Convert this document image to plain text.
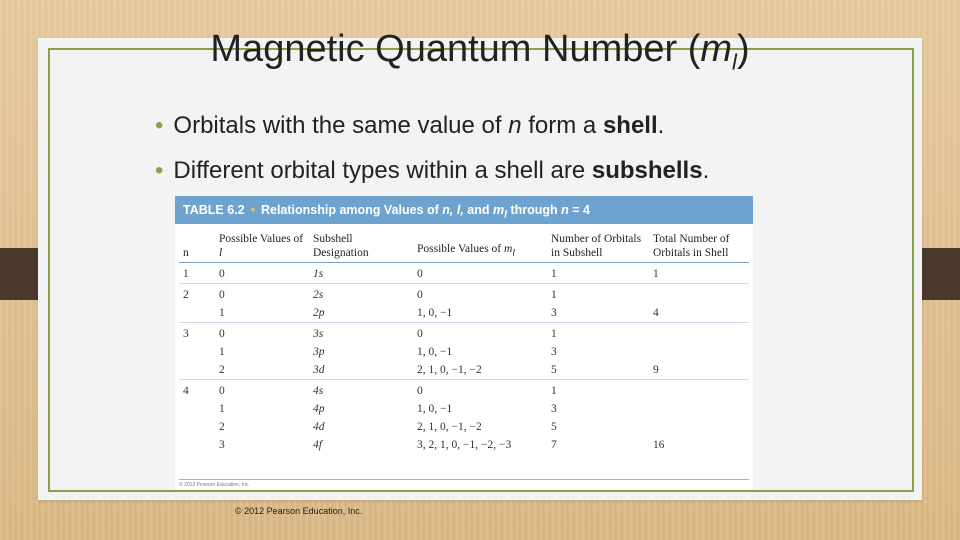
Magnetic Quantum Number $(m_l)$
• Orbitals with the same value of n form a shell.
• Different orbital types within a shell are subshells.
TABLE 6.2 • Relationship among Values of n, l, and $m_l$ through n = 4
n	Possible Values of l	Subshell Designation	Possible Values of $m_l$	Number of Orbitals in Subshell	Total Number of Orbitals in Shell
1	0	1s	0	1	1
2	0	2s	0	1	
	1	2p	1, 0, −1	3	4
3	0	3s	0	1	
	1	3p	1, 0, −1	3	
	2	3d	2, 1, 0, −1, −2	5	9
4	0	4s	0	1	
	1	4p	1, 0, −1	3	
	2	4d	2, 1, 0, −1, −2	5	
	3	4f	3, 2, 1, 0, −1, −2, −3	7	16
© 2012 Pearson Education, Inc.
© 2012 Pearson Education, Inc.
